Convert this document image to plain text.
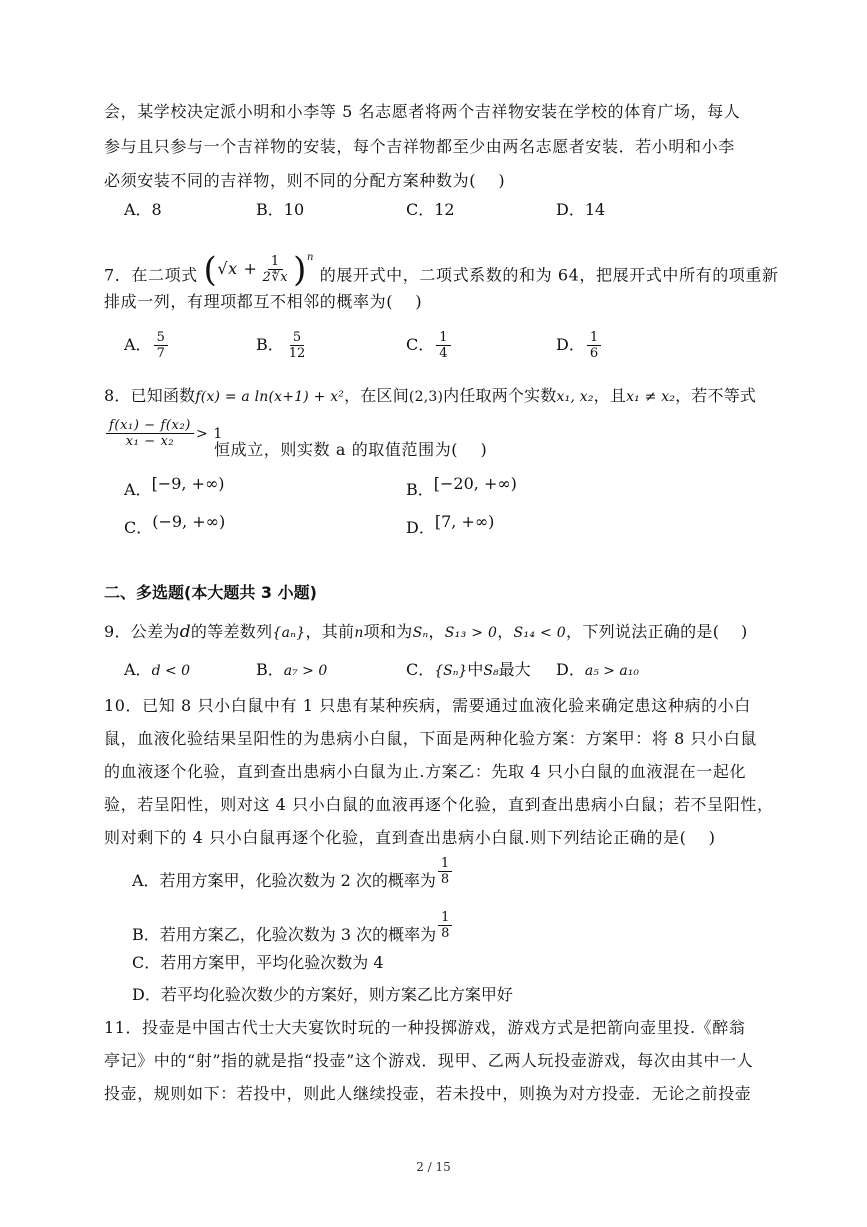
会，某学校决定派小明和小李等 5 名志愿者将两个吉祥物安装在学校的体育广场，每人
参与且只参与一个吉祥物的安装，每个吉祥物都至少由两名志愿者安装．若小明和小李
必须安装不同的吉祥物，则不同的分配方案种数为(　 )
A．8	B．10	C．12	D．14
7．在二项式 $(√x + \frac{1}{2∜x} )^n$ 的展开式中，二项式系数的和为 64，把展开式中所有的项重新
排成一列，有理项都互不相邻的概率为(　 )
A． $\frac{5}{7}$	B． $\frac{5}{12}$	C． $\frac{1}{4}$	D． $\frac{1}{6}$
8．已知函数f(x) = a ln(x+1) + x²，在区间(2,3)内任取两个实数x₁, x₂，且x₁ ≠ x₂，若不等式
$\frac{\text{f(x₁) − f(x₂)}}{\text{x₁ − x₂}} > 1$
恒成立，则实数 a 的取值范围为(　 )
A．[−9, +∞)	B．[−20, +∞)
C．(−9, +∞)	D．[7, +∞)
二、多选题(本大题共 3 小题)
9．公差为d的等差数列{aₙ}，其前n项和为Sₙ，S₁₃ > 0，S₁₄ < 0，下列说法正确的是(　 )
A．d < 0	B．a₇ > 0	C．{Sₙ}中S₈最大 D．a₅ > a₁₀
10．已知 8 只小白鼠中有 1 只患有某种疾病，需要通过血液化验来确定患这种病的小白
鼠，血液化验结果呈阳性的为患病小白鼠，下面是两种化验方案：方案甲：将 8 只小白鼠
的血液逐个化验，直到查出患病小白鼠为止.方案乙：先取 4 只小白鼠的血液混在一起化
验，若呈阳性，则对这 4 只小白鼠的血液再逐个化验，直到查出患病小白鼠；若不呈阳性，
则对剩下的 4 只小白鼠再逐个化验，直到查出患病小白鼠.则下列结论正确的是(　 )
A．若用方案甲，化验次数为 2 次的概率为 $\frac{1}{8}$
B．若用方案乙，化验次数为 3 次的概率为 $\frac{1}{8}$
C．若用方案甲，平均化验次数为 4
D．若平均化验次数少的方案好，则方案乙比方案甲好
11．投壶是中国古代士大夫宴饮时玩的一种投掷游戏，游戏方式是把箭向壶里投.《醉翁
亭记》中的“射”指的就是指“投壶”这个游戏．现甲、乙两人玩投壶游戏，每次由其中一人
投壶，规则如下：若投中，则此人继续投壶，若未投中，则换为对方投壶．无论之前投壶
2 / 15
